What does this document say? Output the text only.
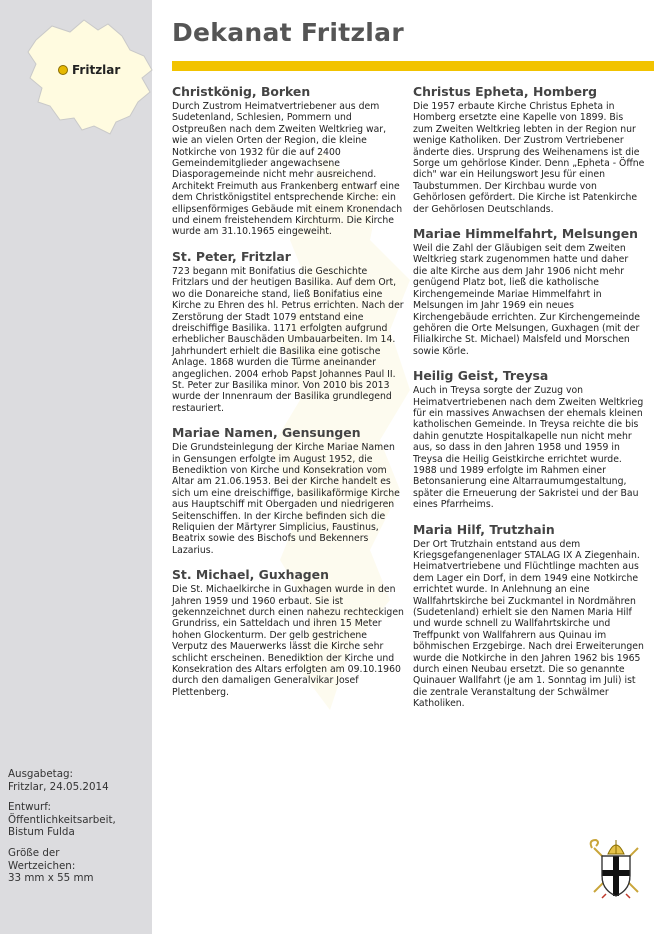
Fritzlar
Dekanat Fritzlar
Christkönig, Borken

Durch Zustrom Heimatvertriebener aus dem Sudetenland, Schlesien, Pommern und Ostpreußen nach dem Zweiten Weltkrieg war, wie an vielen Orten der Region, die kleine Notkirche von 1932 für die auf 2400 Gemeindemitglieder angewachsene Diasporagemeinde nicht mehr ausreichend. Architekt Freimuth aus Frankenberg entwarf eine dem Christkönigstitel entsprechende Kirche: ein ellipsenförmiges Gebäude mit einem Kronendach und einem freistehendem Kirchturm. Die Kirche wurde am 31.10.1965 eingeweiht.

St. Peter, Fritzlar

723 begann mit Bonifatius die Geschichte Fritzlars und der heutigen Basilika. Auf dem Ort, wo die Donareiche stand, ließ Bonifatius eine Kirche zu Ehren des hl. Petrus errichten. Nach der Zerstörung der Stadt 1079 entstand eine dreischiffige Basilika. 1171 erfolgten aufgrund erheblicher Bauschäden Umbauarbeiten. Im 14. Jahrhundert erhielt die Basilika eine gotische Anlage. 1868 wurden die Türme aneinander angeglichen. 2004 erhob Papst Johannes Paul II. St. Peter zur Basilika minor. Von 2010 bis 2013 wurde der Innenraum der Basilika grundlegend restauriert.

Mariae Namen, Gensungen

Die Grundsteinlegung der Kirche Mariae Namen in Gensungen erfolgte im August 1952, die Benediktion von Kirche und Konsekration vom Altar am 21.06.1953. Bei der Kirche handelt es sich um eine dreischiffige, basilikaförmige Kirche aus Hauptschiff mit Obergaden und niedrigeren Seitenschiffen. In der Kirche befinden sich die Reliquien der Märtyrer Simplicius, Faustinus, Beatrix sowie des Bischofs und Bekenners Lazarius.

St. Michael, Guxhagen

Die St. Michaelkirche in Guxhagen wurde in den Jahren 1959 und 1960 erbaut. Sie ist gekennzeichnet durch einen nahezu rechteckigen Grundriss, ein Satteldach und ihren 15 Meter hohen Glockenturm. Der gelb gestrichene Verputz des Mauerwerks lässt die Kirche sehr schlicht erscheinen. Benediktion der Kirche und Konsekration des Altars erfolgten am 09.10.1960 durch den damaligen Generalvikar Josef Plettenberg.

Christus Epheta, Homberg

Die 1957 erbaute Kirche Christus Epheta in Homberg ersetzte eine Kapelle von 1899. Bis zum Zweiten Weltkrieg lebten in der Region nur wenige Katholiken. Der Zustrom Vertriebener änderte dies. Ursprung des Weihenamens ist die Sorge um gehörlose Kinder. Denn „Epheta - Öffne dich" war ein Heilungswort Jesu für einen Taubstummen. Der Kirchbau wurde von Gehörlosen gefördert. Die Kirche ist Patenkirche der Gehörlosen Deutschlands.

Mariae Himmelfahrt, Melsungen

Weil die Zahl der Gläubigen seit dem Zweiten Weltkrieg stark zugenommen hatte und daher die alte Kirche aus dem Jahr 1906 nicht mehr genügend Platz bot, ließ die katholische Kirchengemeinde Mariae Himmelfahrt in Melsungen im Jahr 1969 ein neues Kirchengebäude errichten. Zur Kirchengemeinde gehören die Orte Melsungen, Guxhagen (mit der Filialkirche St. Michael) Malsfeld und Morschen sowie Körle.

Heilig Geist, Treysa

Auch in Treysa sorgte der Zuzug von Heimatvertriebenen nach dem Zweiten Weltkrieg für ein massives Anwachsen der ehemals kleinen katholischen Gemeinde. In Treysa reichte die bis dahin genutzte Hospitalkapelle nun nicht mehr aus, so dass in den Jahren 1958 und 1959 in Treysa die Heilig Geistkirche errichtet wurde. 1988 und 1989 erfolgte im Rahmen einer Betonsanierung eine Altarraumumgestaltung, später die Erneuerung der Sakristei und der Bau eines Pfarrheims.

Maria Hilf, Trutzhain

Der Ort Trutzhain entstand aus dem Kriegsgefangenenlager STALAG IX A Ziegenhain. Heimatvertriebene und Flüchtlinge machten aus dem Lager ein Dorf, in dem 1949 eine Notkirche errichtet wurde. In Anlehnung an eine Wallfahrtskirche bei Zuckmantel in Nordmähren (Sudetenland) erhielt sie den Namen Maria Hilf und wurde schnell zu Wallfahrtskirche und Treffpunkt von Wallfahrern aus Quinau im böhmischen Erzgebirge. Nach drei Erweiterungen wurde die Notkirche in den Jahren 1962 bis 1965 durch einen Neubau ersetzt. Die so genannte Quinauer Wallfahrt (je am 1. Sonntag im Juli) ist die zentrale Veranstaltung der Schwälmer Katholiken.

Ausgabetag:
Fritzlar, 24.05.2014

Entwurf:
Öffentlichkeitsarbeit,
Bistum Fulda

Größe der
Wertzeichen:
33 mm x 55 mm
